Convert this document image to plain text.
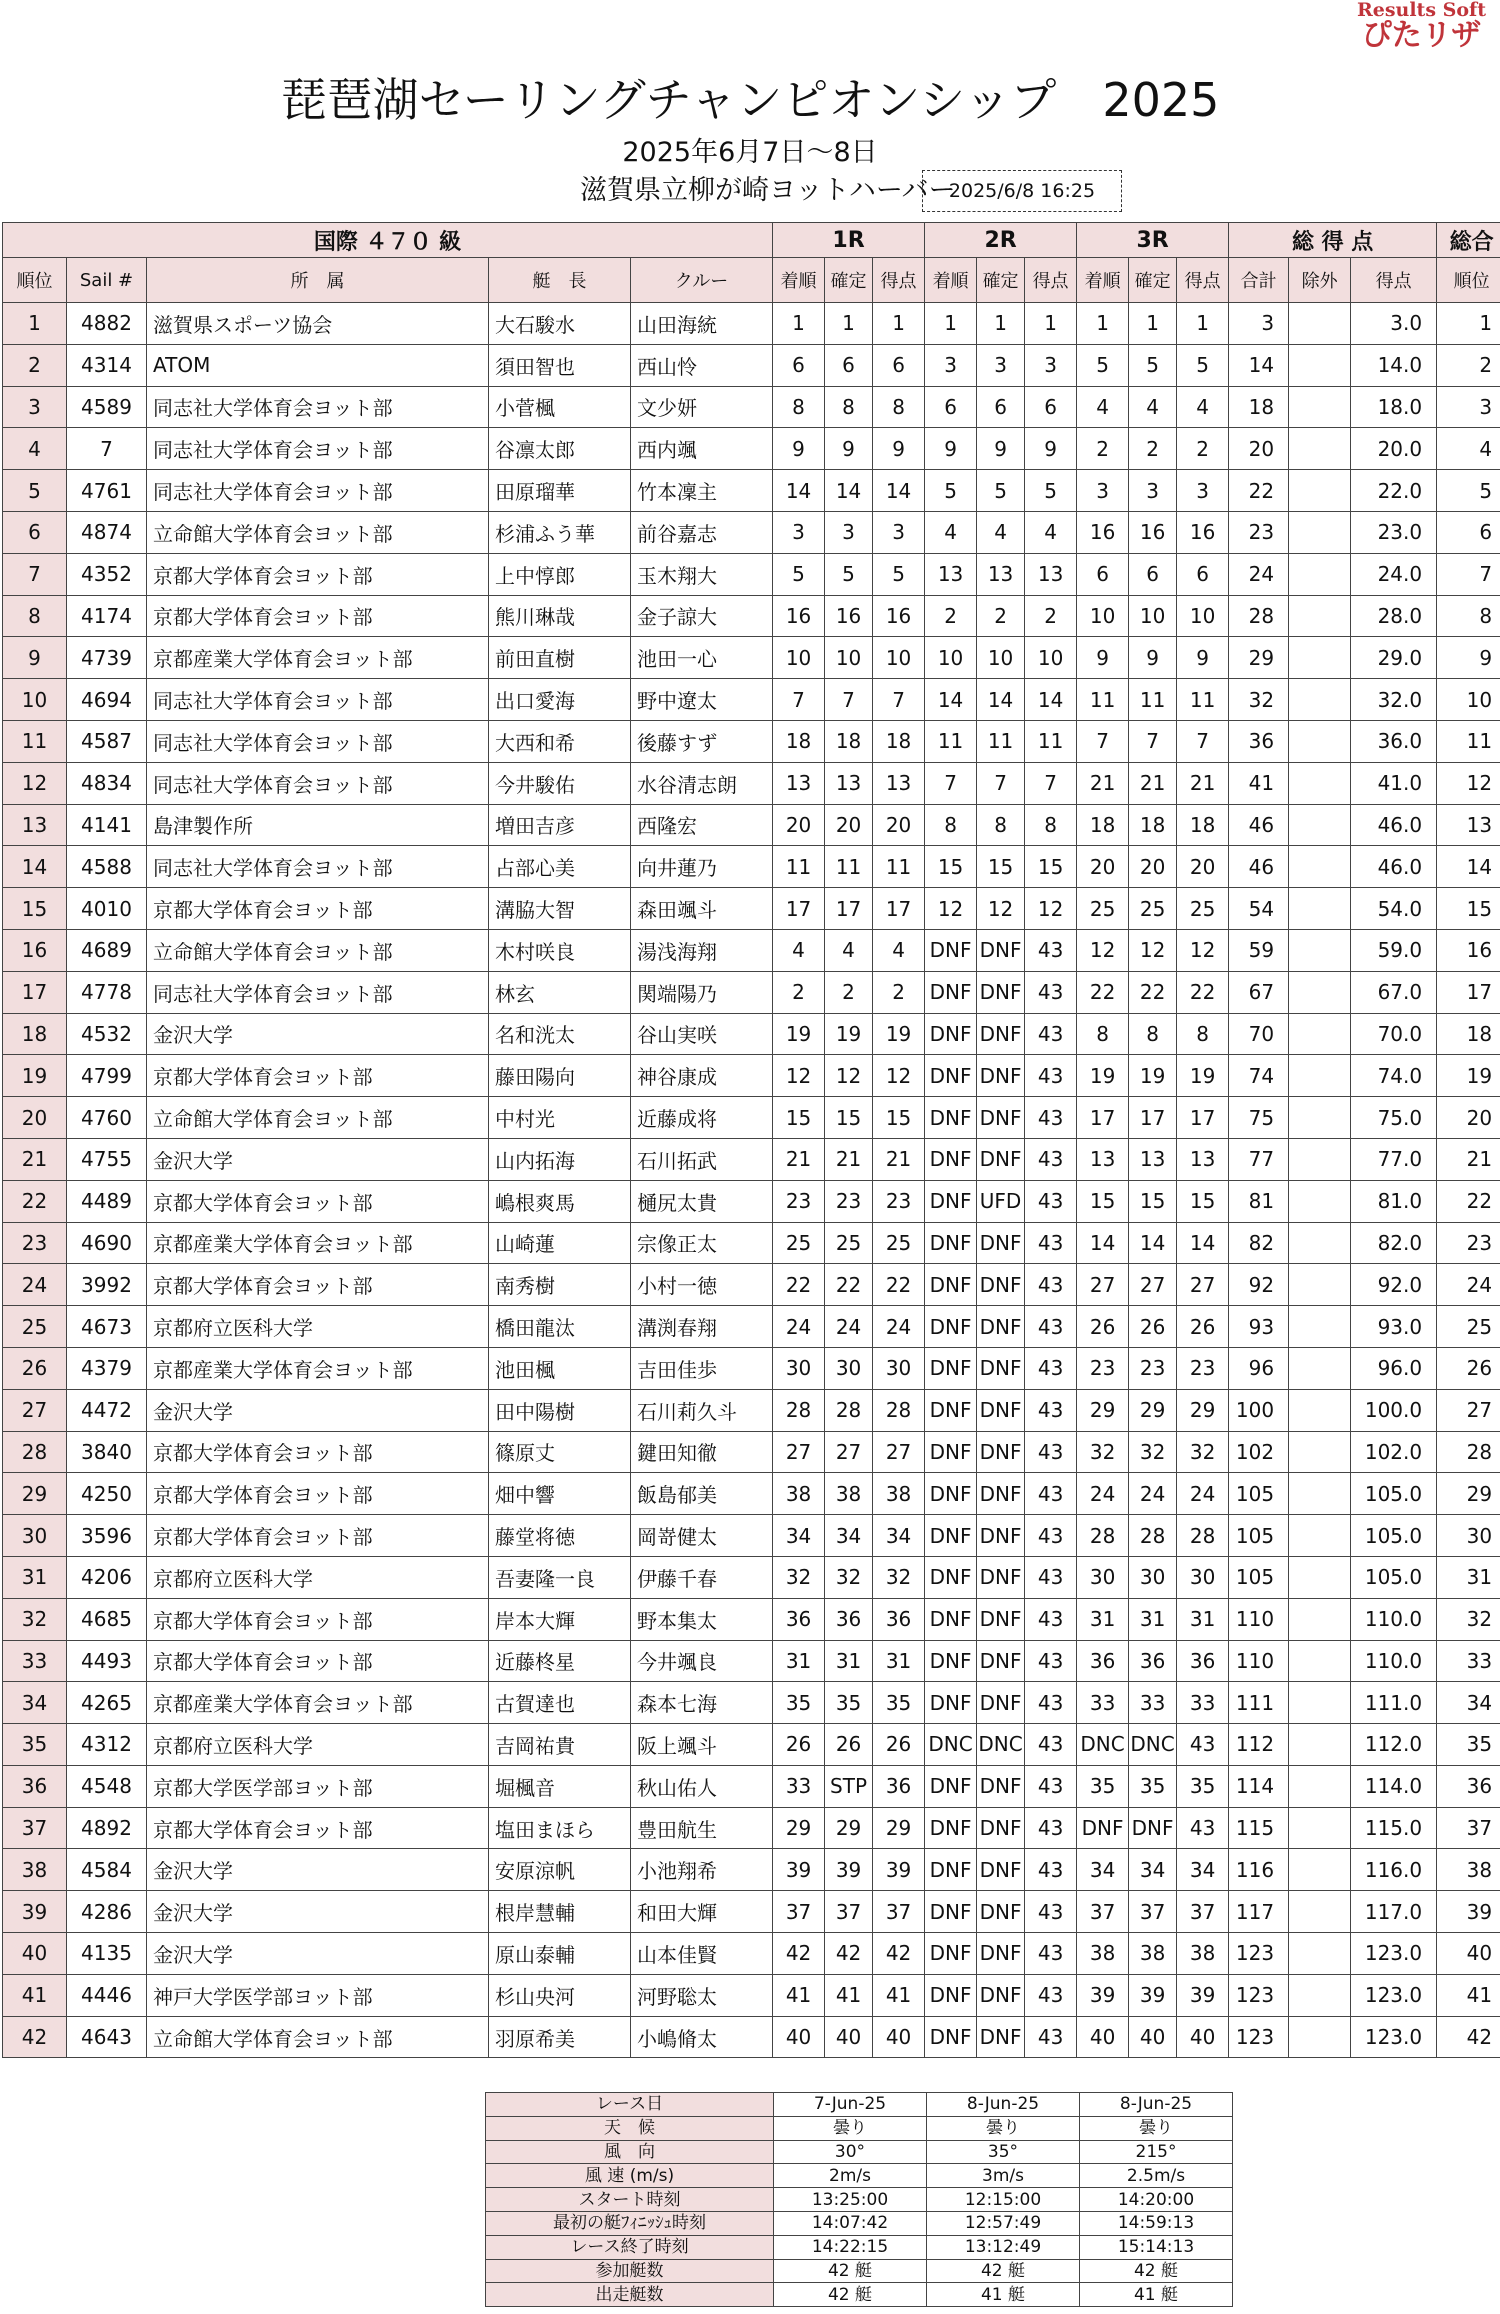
Results Soft
ぴたリザ
琵琶湖セーリングチャンピオンシップ　2025
2025年6月7日～8日
滋賀県立柳が崎ヨットハーバー
2025/6/8 16:25
国際 ４７０ 級					1R			2R			3R			総 得 点			総合
順位	Sail #	所　属	艇　長	クルー	着順	確定	得点	着順	確定	得点	着順	確定	得点	合計	除外	得点	順位
1	4882	滋賀県スポーツ協会	大石駿水	山田海統	1	1	1	1	1	1	1	1	1	3		3.0	1
2	4314	ATOM	須田智也	西山怜	6	6	6	3	3	3	5	5	5	14		14.0	2
3	4589	同志社大学体育会ヨット部	小菅楓	文少妍	8	8	8	6	6	6	4	4	4	18		18.0	3
4	7	同志社大学体育会ヨット部	谷凛太郎	西内颯	9	9	9	9	9	9	2	2	2	20		20.0	4
5	4761	同志社大学体育会ヨット部	田原瑠華	竹本凜主	14	14	14	5	5	5	3	3	3	22		22.0	5
6	4874	立命館大学体育会ヨット部	杉浦ふう華	前谷嘉志	3	3	3	4	4	4	16	16	16	23		23.0	6
7	4352	京都大学体育会ヨット部	上中惇郎	玉木翔大	5	5	5	13	13	13	6	6	6	24		24.0	7
8	4174	京都大学体育会ヨット部	熊川琳哉	金子諒大	16	16	16	2	2	2	10	10	10	28		28.0	8
9	4739	京都産業大学体育会ヨット部	前田直樹	池田一心	10	10	10	10	10	10	9	9	9	29		29.0	9
10	4694	同志社大学体育会ヨット部	出口愛海	野中遼太	7	7	7	14	14	14	11	11	11	32		32.0	10
11	4587	同志社大学体育会ヨット部	大西和希	後藤すず	18	18	18	11	11	11	7	7	7	36		36.0	11
12	4834	同志社大学体育会ヨット部	今井駿佑	水谷清志朗	13	13	13	7	7	7	21	21	21	41		41.0	12
13	4141	島津製作所	増田吉彦	西隆宏	20	20	20	8	8	8	18	18	18	46		46.0	13
14	4588	同志社大学体育会ヨット部	占部心美	向井蓮乃	11	11	11	15	15	15	20	20	20	46		46.0	14
15	4010	京都大学体育会ヨット部	溝脇大智	森田颯斗	17	17	17	12	12	12	25	25	25	54		54.0	15
16	4689	立命館大学体育会ヨット部	木村咲良	湯浅海翔	4	4	4	DNF	DNF	43	12	12	12	59		59.0	16
17	4778	同志社大学体育会ヨット部	林玄	関端陽乃	2	2	2	DNF	DNF	43	22	22	22	67		67.0	17
18	4532	金沢大学	名和洸太	谷山実咲	19	19	19	DNF	DNF	43	8	8	8	70		70.0	18
19	4799	京都大学体育会ヨット部	藤田陽向	神谷康成	12	12	12	DNF	DNF	43	19	19	19	74		74.0	19
20	4760	立命館大学体育会ヨット部	中村光	近藤成将	15	15	15	DNF	DNF	43	17	17	17	75		75.0	20
21	4755	金沢大学	山内拓海	石川拓武	21	21	21	DNF	DNF	43	13	13	13	77		77.0	21
22	4489	京都大学体育会ヨット部	嶋根爽馬	樋尻太貴	23	23	23	DNF	UFD	43	15	15	15	81		81.0	22
23	4690	京都産業大学体育会ヨット部	山崎蓮	宗像正太	25	25	25	DNF	DNF	43	14	14	14	82		82.0	23
24	3992	京都大学体育会ヨット部	南秀樹	小村一徳	22	22	22	DNF	DNF	43	27	27	27	92		92.0	24
25	4673	京都府立医科大学	橋田龍汰	溝渕春翔	24	24	24	DNF	DNF	43	26	26	26	93		93.0	25
26	4379	京都産業大学体育会ヨット部	池田楓	吉田佳歩	30	30	30	DNF	DNF	43	23	23	23	96		96.0	26
27	4472	金沢大学	田中陽樹	石川莉久斗	28	28	28	DNF	DNF	43	29	29	29	100		100.0	27
28	3840	京都大学体育会ヨット部	篠原丈	鍵田知徹	27	27	27	DNF	DNF	43	32	32	32	102		102.0	28
29	4250	京都大学体育会ヨット部	畑中響	飯島郁美	38	38	38	DNF	DNF	43	24	24	24	105		105.0	29
30	3596	京都大学体育会ヨット部	藤堂将徳	岡嵜健太	34	34	34	DNF	DNF	43	28	28	28	105		105.0	30
31	4206	京都府立医科大学	吾妻隆一良	伊藤千春	32	32	32	DNF	DNF	43	30	30	30	105		105.0	31
32	4685	京都大学体育会ヨット部	岸本大輝	野本集太	36	36	36	DNF	DNF	43	31	31	31	110		110.0	32
33	4493	京都大学体育会ヨット部	近藤柊星	今井颯良	31	31	31	DNF	DNF	43	36	36	36	110		110.0	33
34	4265	京都産業大学体育会ヨット部	古賀達也	森本七海	35	35	35	DNF	DNF	43	33	33	33	111		111.0	34
35	4312	京都府立医科大学	吉岡祐貴	阪上颯斗	26	26	26	DNC	DNC	43	DNC	DNC	43	112		112.0	35
36	4548	京都大学医学部ヨット部	堀楓音	秋山佑人	33	STP	36	DNF	DNF	43	35	35	35	114		114.0	36
37	4892	京都大学体育会ヨット部	塩田まほら	豊田航生	29	29	29	DNF	DNF	43	DNF	DNF	43	115		115.0	37
38	4584	金沢大学	安原涼帆	小池翔希	39	39	39	DNF	DNF	43	34	34	34	116		116.0	38
39	4286	金沢大学	根岸慧輔	和田大輝	37	37	37	DNF	DNF	43	37	37	37	117		117.0	39
40	4135	金沢大学	原山泰輔	山本佳賢	42	42	42	DNF	DNF	43	38	38	38	123		123.0	40
41	4446	神戸大学医学部ヨット部	杉山央河	河野聡太	41	41	41	DNF	DNF	43	39	39	39	123		123.0	41
42	4643	立命館大学体育会ヨット部	羽原希美	小嶋脩太	40	40	40	DNF	DNF	43	40	40	40	123		123.0	42
レース日	7-Jun-25	8-Jun-25	8-Jun-25
天　候	曇り	曇り	曇り
風　向	30°	35°	215°
風 速 (m/s)	2m/s	3m/s	2.5m/s
スタート時刻	13:25:00	12:15:00	14:20:00
最初の艇ﾌｨﾆｯｼｭ時刻	14:07:42	12:57:49	14:59:13
レース終了時刻	14:22:15	13:12:49	15:14:13
参加艇数	42 艇	42 艇	42 艇
出走艇数	42 艇	41 艇	41 艇
